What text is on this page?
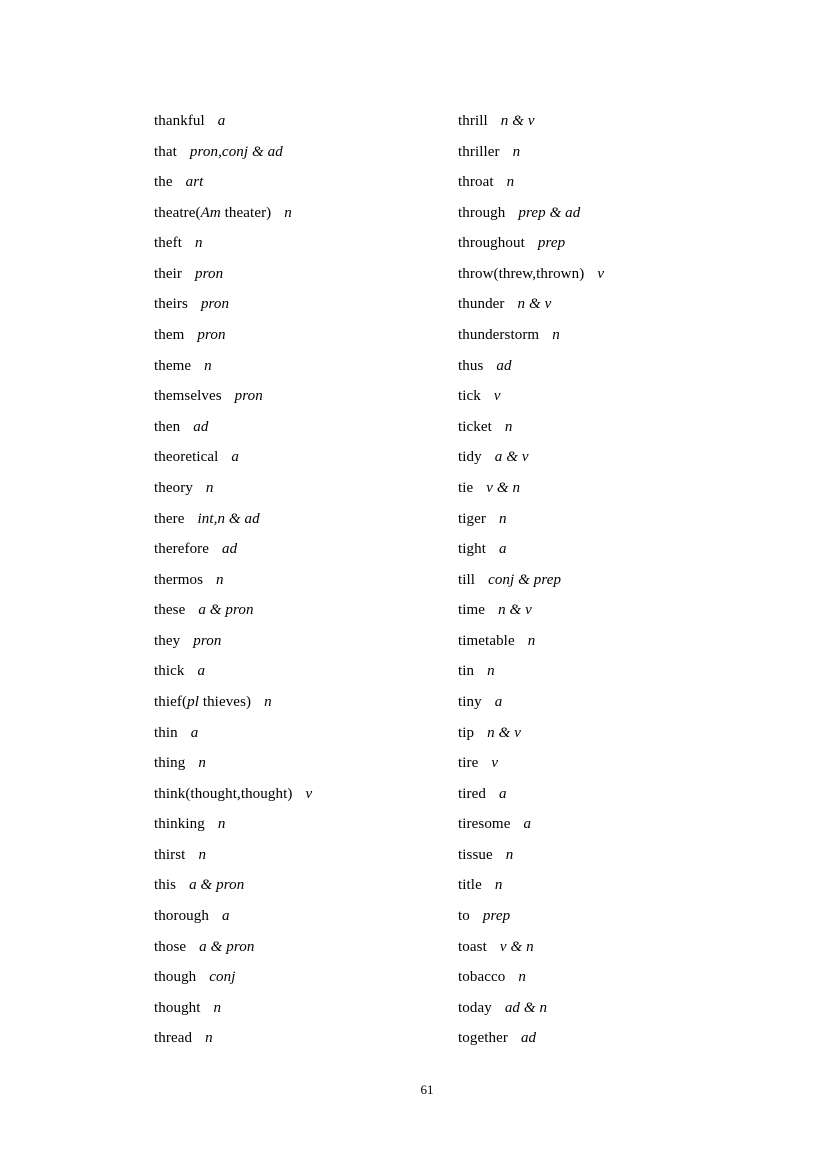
thankful a
that pron,conj & ad
the art
theatre(Am theater) n
theft n
their pron
theirs pron
them pron
theme n
themselves pron
then ad
theoretical a
theory n
there int,n & ad
therefore ad
thermos n
these a & pron
they pron
thick a
thief(pl thieves) n
thin a
thing n
think(thought,thought) v
thinking n
thirst n
this a & pron
thorough a
those a & pron
though conj
thought n
thread n
thrill n & v
thriller n
throat n
through prep & ad
throughout prep
throw(threw,thrown) v
thunder n & v
thunderstorm n
thus ad
tick v
ticket n
tidy a & v
tie v & n
tiger n
tight a
till conj & prep
time n & v
timetable n
tin n
tiny a
tip n & v
tire v
tired a
tiresome a
tissue n
title n
to prep
toast v & n
tobacco n
today ad & n
together ad
61
